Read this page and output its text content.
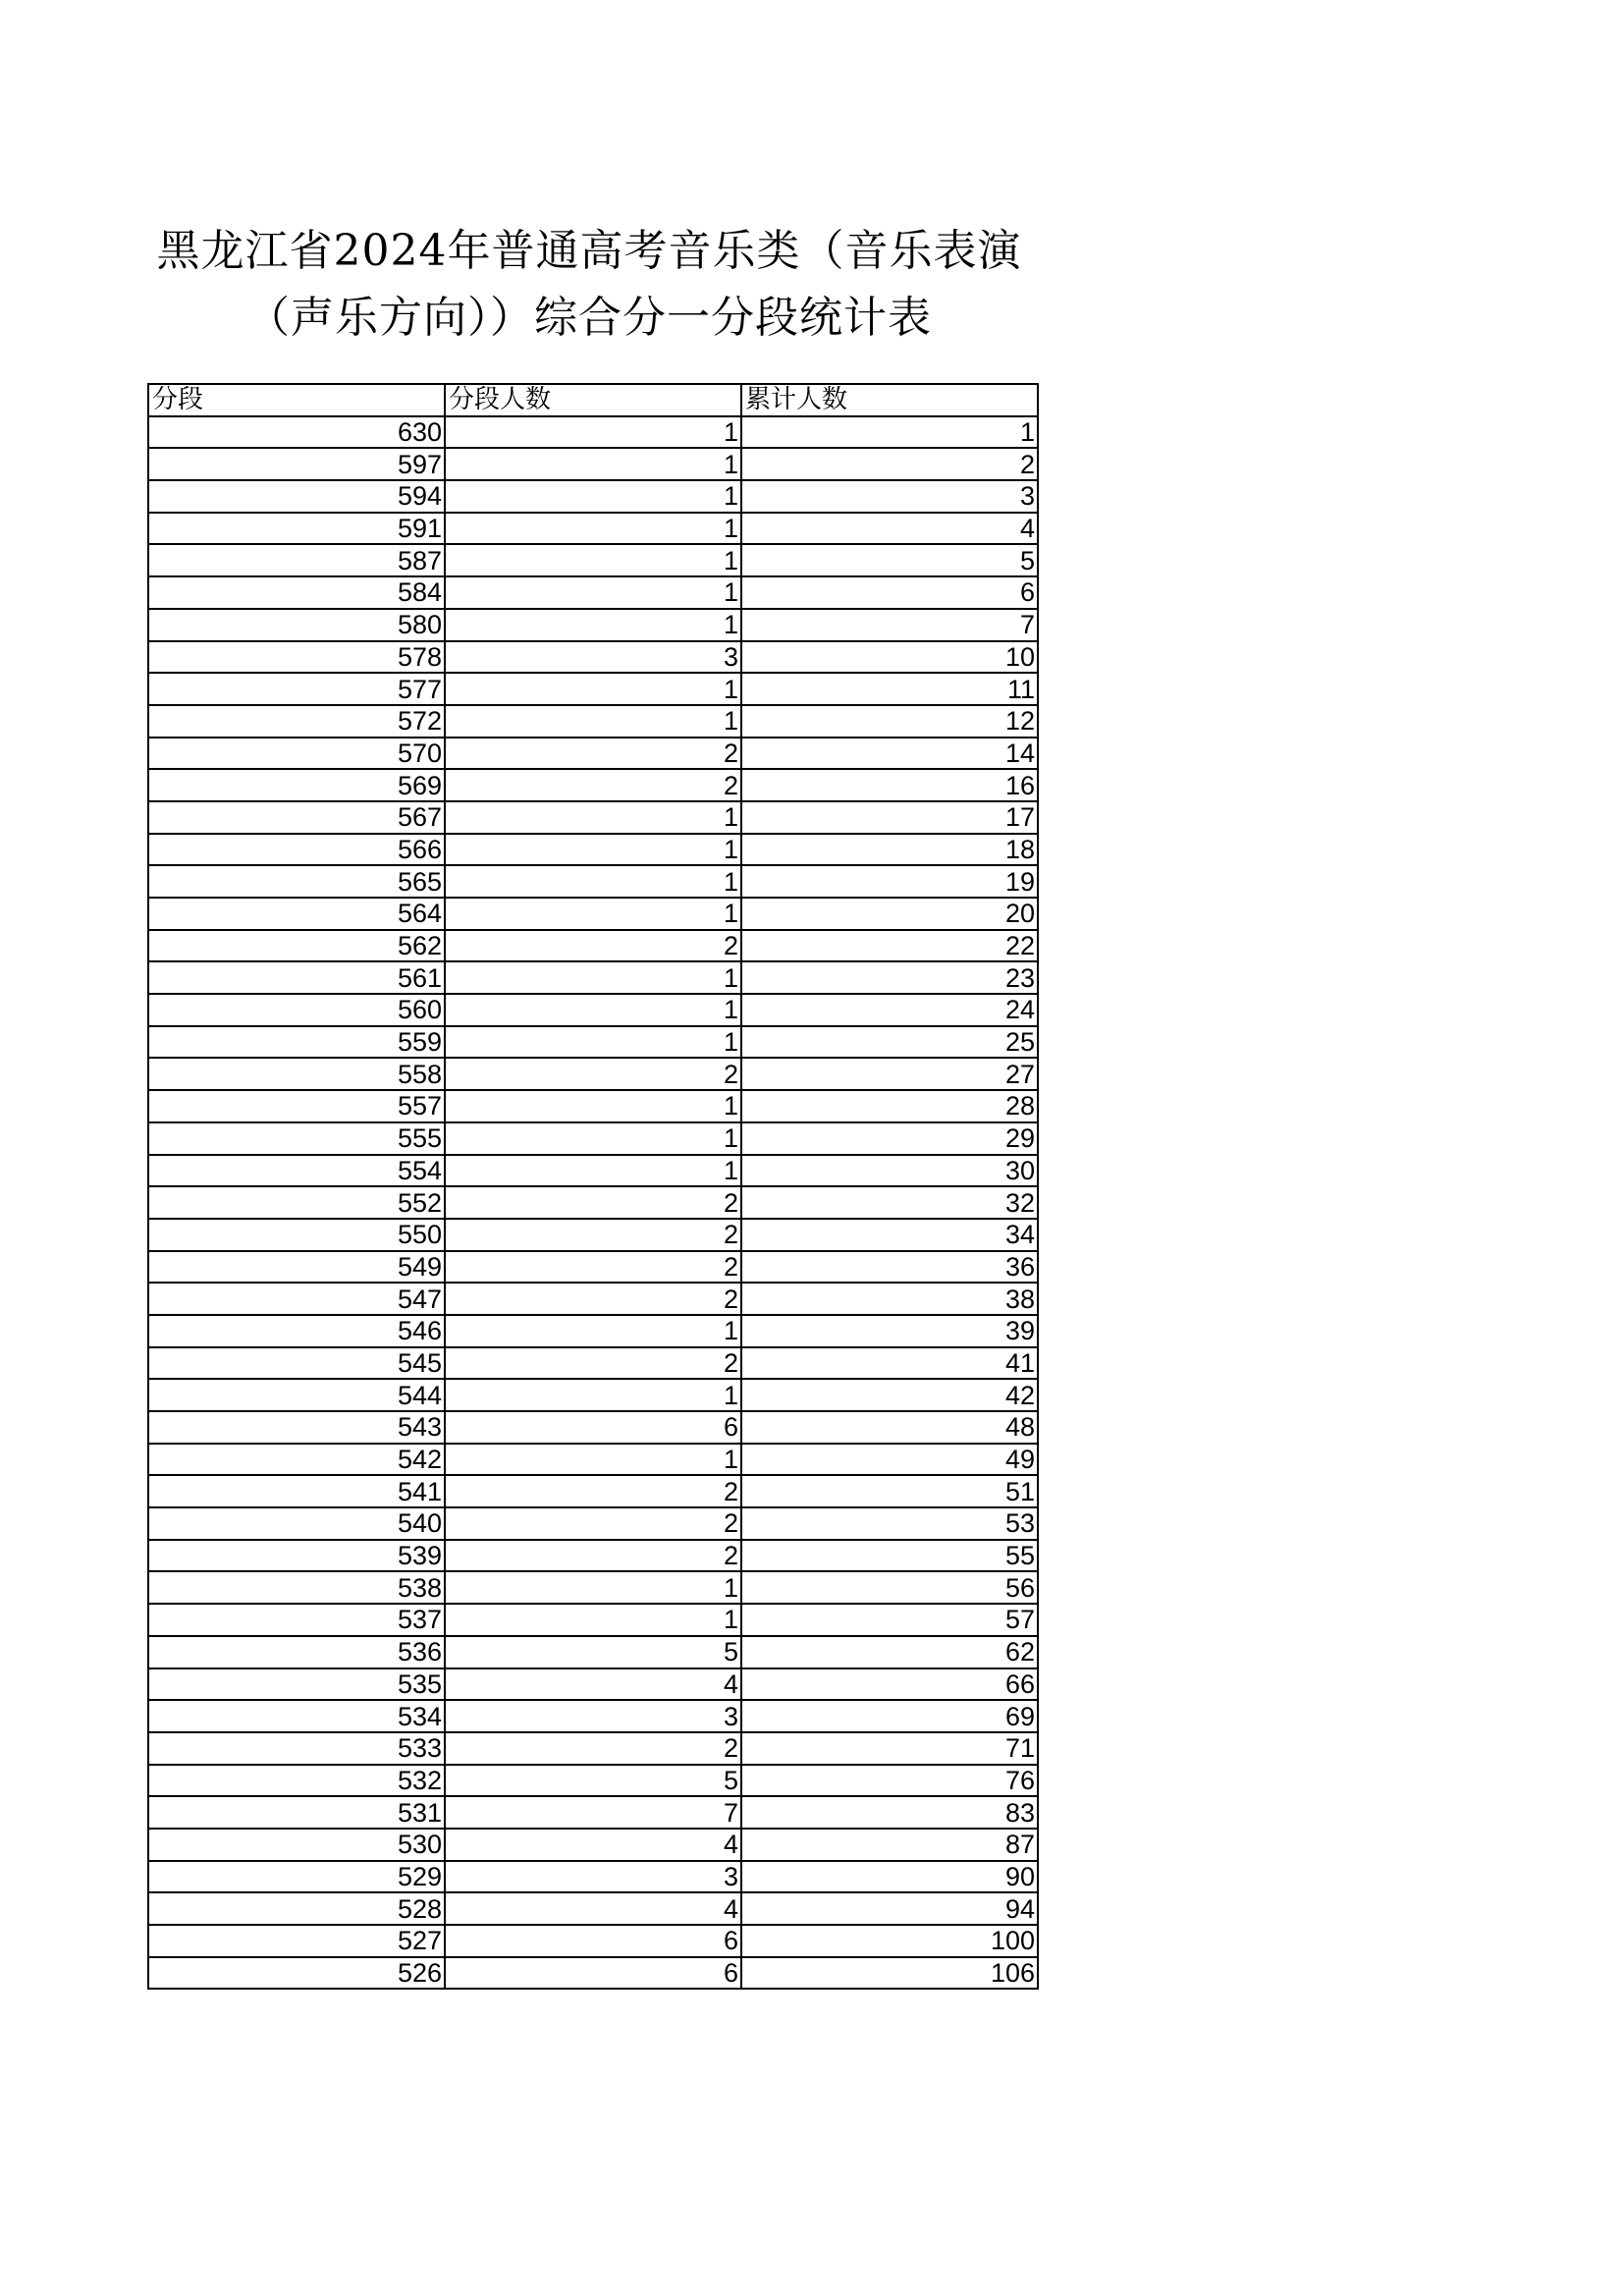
黑龙江省2024年普通高考音乐类（音乐表演
（声乐方向））综合分一分段统计表
分段	分段人数	累计人数
630	1	1
597	1	2
594	1	3
591	1	4
587	1	5
584	1	6
580	1	7
578	3	10
577	1	11
572	1	12
570	2	14
569	2	16
567	1	17
566	1	18
565	1	19
564	1	20
562	2	22
561	1	23
560	1	24
559	1	25
558	2	27
557	1	28
555	1	29
554	1	30
552	2	32
550	2	34
549	2	36
547	2	38
546	1	39
545	2	41
544	1	42
543	6	48
542	1	49
541	2	51
540	2	53
539	2	55
538	1	56
537	1	57
536	5	62
535	4	66
534	3	69
533	2	71
532	5	76
531	7	83
530	4	87
529	3	90
528	4	94
527	6	100
526	6	106
